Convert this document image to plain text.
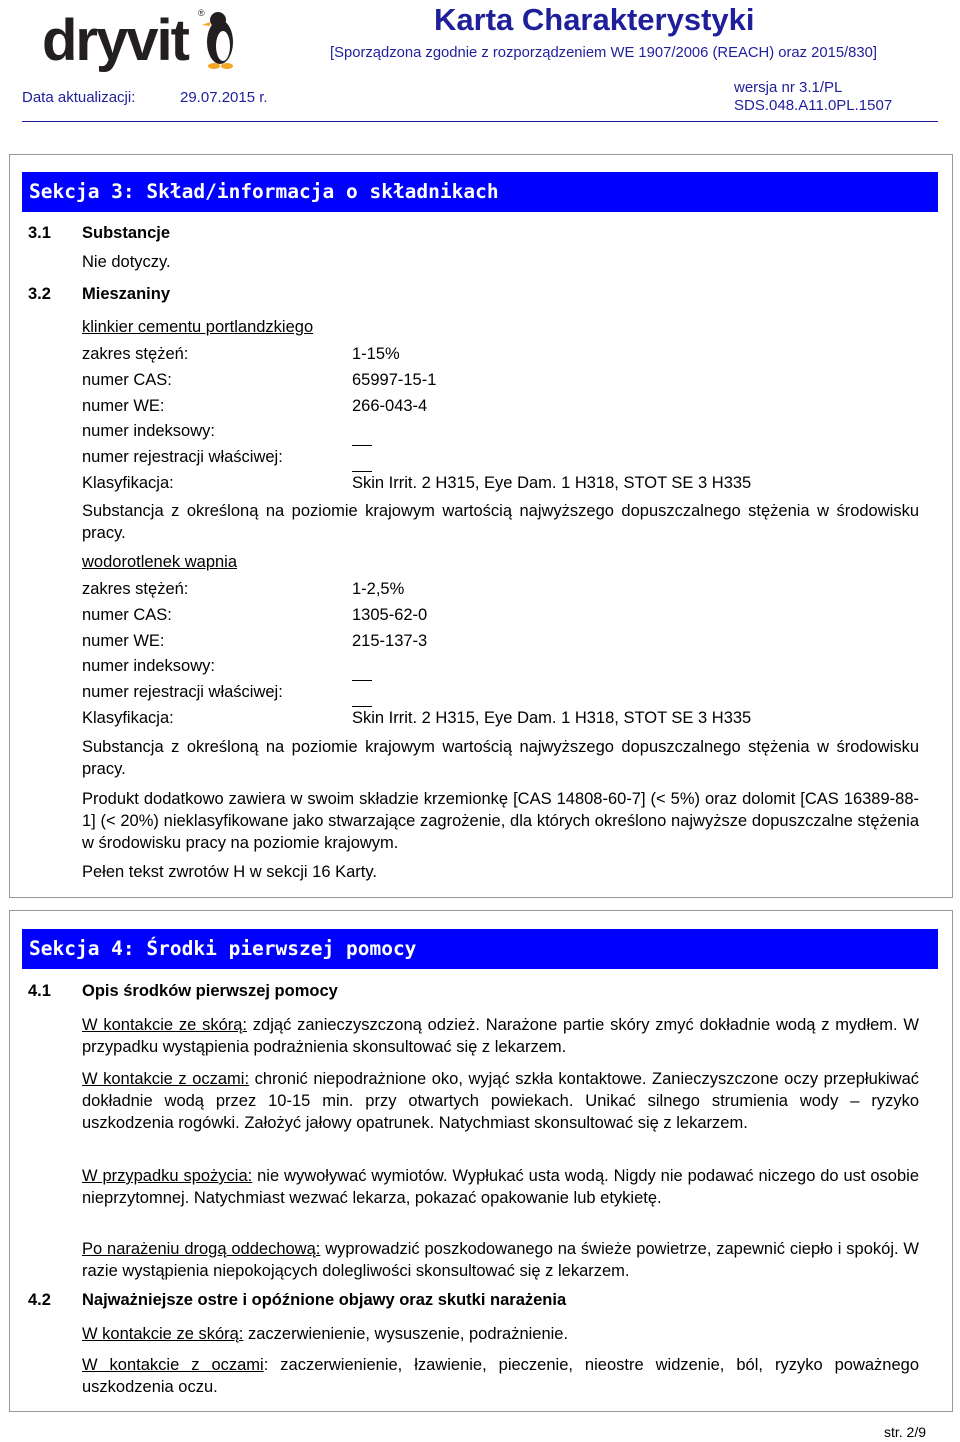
dryvit ®	Karta Charakterystyki
[Sporządzona zgodnie z rozporządzeniem WE 1907/2006 (REACH) oraz 2015/830]
Data aktualizacji:	29.07.2015 r.
wersja nr 3.1/PL
SDS.048.A11.0PL.1507
Sekcja 3: Skład/informacja o składnikach
3.1 Substancje
Nie dotyczy.
3.2 Mieszaniny
klinkier cementu portlandzkiego
zakres stężeń:	1-15%
numer CAS:	65997-15-1
numer WE:	266-043-4
numer indeksowy:
numer rejestracji właściwej:
Klasyfikacja:	Skin Irrit. 2 H315, Eye Dam. 1 H318, STOT SE 3 H335
Substancja z określoną na poziomie krajowym wartością najwyższego dopuszczalnego stężenia w środowisku pracy.
wodorotlenek wapnia
zakres stężeń:	1-2,5%
numer CAS:	1305-62-0
numer WE:	215-137-3
numer indeksowy:
numer rejestracji właściwej:
Klasyfikacja:	Skin Irrit. 2 H315, Eye Dam. 1 H318, STOT SE 3 H335
Substancja z określoną na poziomie krajowym wartością najwyższego dopuszczalnego stężenia w środowisku pracy.
Produkt dodatkowo zawiera w swoim składzie krzemionkę [CAS 14808-60-7] (< 5%) oraz dolomit [CAS 16389-88-1] (< 20%) nieklasyfikowane jako stwarzające zagrożenie, dla których określono najwyższe dopuszczalne stężenia w środowisku pracy na poziomie krajowym.
Pełen tekst zwrotów H w sekcji 16 Karty.
Sekcja 4: Środki pierwszej pomocy
4.1 Opis środków pierwszej pomocy
W kontakcie ze skórą: zdjąć zanieczyszczoną odzież. Narażone partie skóry zmyć dokładnie wodą z mydłem. W przypadku wystąpienia podrażnienia skonsultować się z lekarzem.
W kontakcie z oczami: chronić niepodrażnione oko, wyjąć szkła kontaktowe. Zanieczyszczone oczy przepłukiwać dokładnie wodą przez 10-15 min. przy otwartych powiekach. Unikać silnego strumienia wody – ryzyko uszkodzenia rogówki. Założyć jałowy opatrunek. Natychmiast skonsultować się z lekarzem.
W przypadku spożycia: nie wywoływać wymiotów. Wypłukać usta wodą. Nigdy nie podawać niczego do ust osobie nieprzytomnej. Natychmiast wezwać lekarza, pokazać opakowanie lub etykietę.
Po narażeniu drogą oddechową: wyprowadzić poszkodowanego na świeże powietrze, zapewnić ciepło i spokój. W razie wystąpienia niepokojących dolegliwości skonsultować się z lekarzem.
4.2 Najważniejsze ostre i opóźnione objawy oraz skutki narażenia
W kontakcie ze skórą: zaczerwienienie, wysuszenie, podrażnienie.
W kontakcie z oczami: zaczerwienienie, łzawienie, pieczenie, nieostre widzenie, ból, ryzyko poważnego uszkodzenia oczu.
str. 2/9
